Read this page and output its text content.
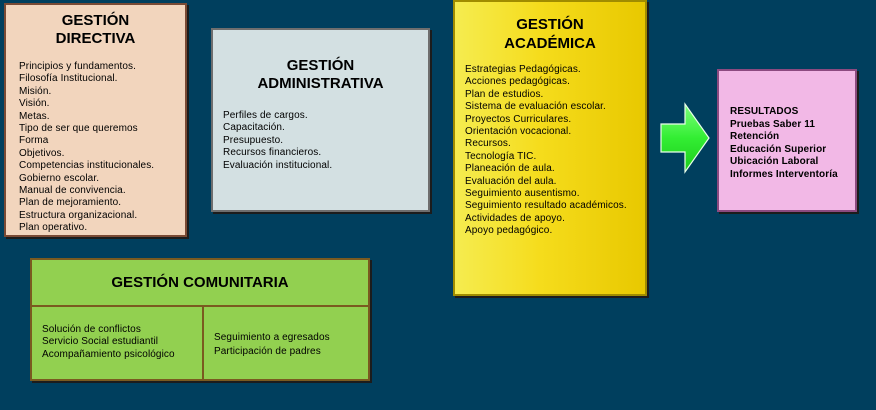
GESTIÓN
DIRECTIVA
Principios y fundamentos.
Filosofía Institucional.
Misión.
Visión.
Metas.
Tipo de ser que queremos
Forma
Objetivos.
Competencias institucionales.
Gobierno escolar.
Manual de convivencia.
Plan de mejoramiento.
Estructura organizacional.
Plan operativo.
GESTIÓN
ADMINISTRATIVA
Perfiles de cargos.
Capacitación.
Presupuesto.
Recursos financieros.
Evaluación institucional.
GESTIÓN
ACADÉMICA
Estrategias Pedagógicas.
Acciones pedagógicas.
Plan de estudios.
Sistema de evaluación escolar.
Proyectos Curriculares.
Orientación vocacional.
Recursos.
Tecnología TIC.
Planeación de aula.
Evaluación del aula.
Seguimiento ausentismo.
Seguimiento resultado académicos.
Actividades de apoyo.
Apoyo pedagógico.
RESULTADOS
Pruebas Saber 11
Retención
Educación Superior
Ubicación Laboral
Informes Interventoría
GESTIÓN COMUNITARIA
Solución de conflictos
Servicio Social estudiantil
Acompañamiento psicológico
Seguimiento a egresados
Participación de padres
